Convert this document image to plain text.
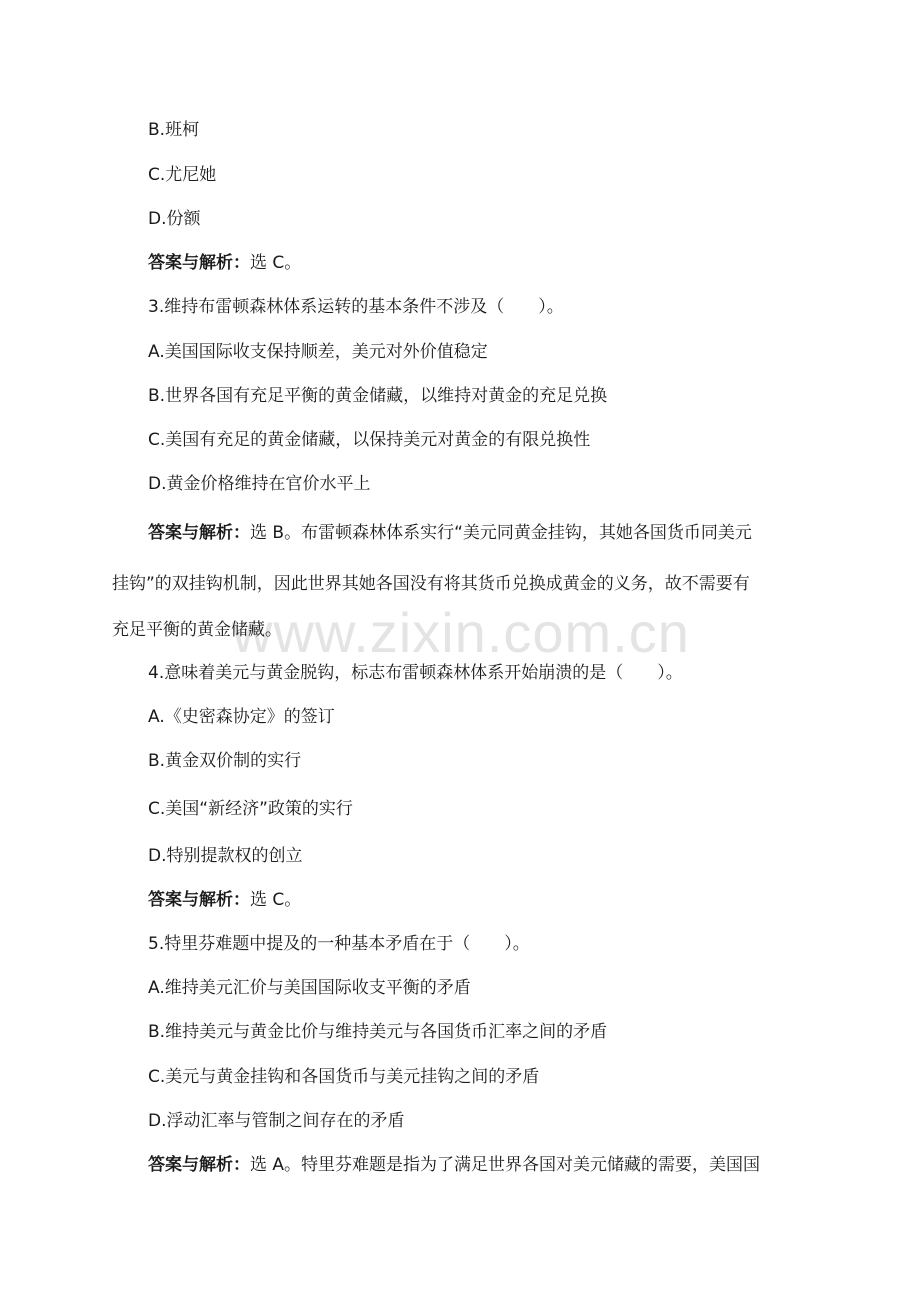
www.zixin.com.cn
B.班柯
C.尤尼她
D.份额
答案与解析：选 C。
3.维持布雷顿森林体系运转的基本条件不涉及（　　）。
A.美国国际收支保持顺差，美元对外价值稳定
B.世界各国有充足平衡的黄金储藏，以维持对黄金的充足兑换
C.美国有充足的黄金储藏，以保持美元对黄金的有限兑换性
D.黄金价格维持在官价水平上
答案与解析：选 B。布雷顿森林体系实行“美元同黄金挂钩，其她各国货币同美元
挂钩”的双挂钩机制，因此世界其她各国没有将其货币兑换成黄金的义务，故不需要有
充足平衡的黄金储藏。
4.意味着美元与黄金脱钩，标志布雷顿森林体系开始崩溃的是（　　）。
A.《史密森协定》的签订
B.黄金双价制的实行
C.美国“新经济”政策的实行
D.特别提款权的创立
答案与解析：选 C。
5.特里芬难题中提及的一种基本矛盾在于（　　）。
A.维持美元汇价与美国国际收支平衡的矛盾
B.维持美元与黄金比价与维持美元与各国货币汇率之间的矛盾
C.美元与黄金挂钩和各国货币与美元挂钩之间的矛盾
D.浮动汇率与管制之间存在的矛盾
答案与解析：选 A。特里芬难题是指为了满足世界各国对美元储藏的需要，美国国
